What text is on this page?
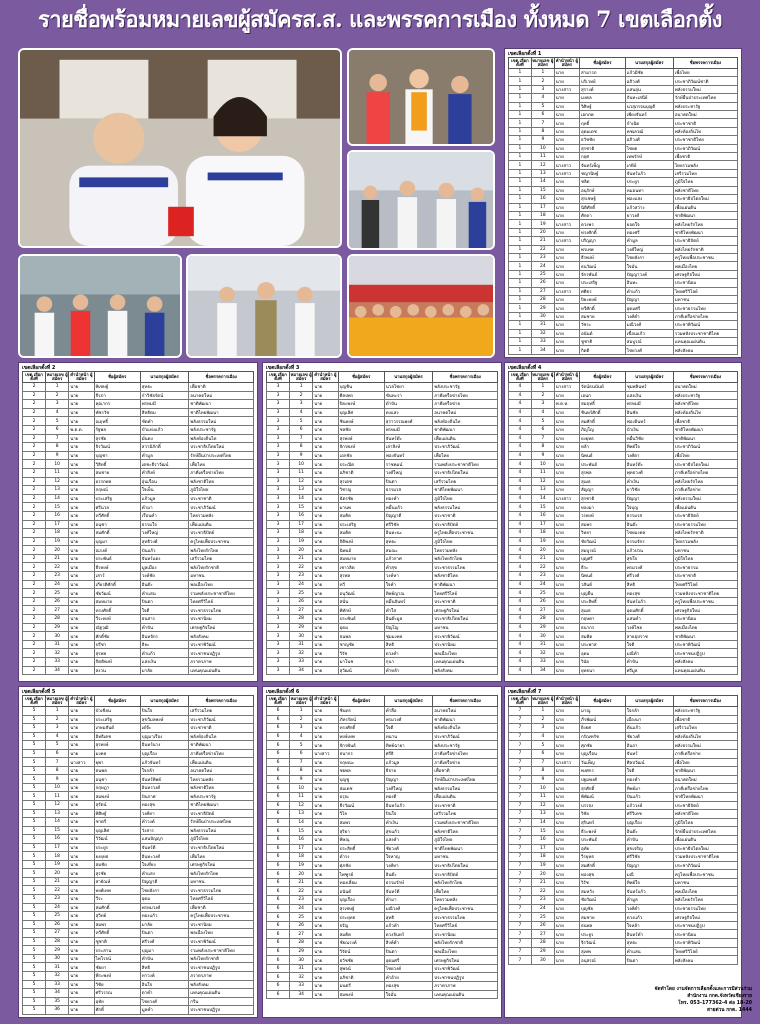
รายชื่อพร้อมหมายเลขผู้สมัครส.ส. และพรรคการเมือง ทั้งหมด 7 เขตเลือกตั้ง
เขตเลือกตั้งที่ 1
เขต เลือกตั้งที่	หมายเลข ผู้สมัคร	คำนำหน้า ผู้สมัคร	ชื่อผู้สมัคร	นามสกุลผู้สมัคร	ชื่อพรรคการเมือง
1	1	นาย	สามารถ	แก้วมีชัย	เพื่อไทย
1	2	นาย	บริเวทย์	อภิวงศ์	ประชาภิวัฒน์ชาติ
1	3	นางสาว	สุรางค์	แสนอุ่น	พลังธรรมใหม่
1	4	นาย	มงคล	กันทะเสนีย์	รักษ์ผืนป่าประเทศไทย
1	5	นาย	วิศิษฐ์	นวสุภรจนบุญดี	พลังประชารัฐ
1	6	นาย	เอกภพ	เพียงจันทร์	อนาคตใหม่
1	7	นาย	ฤทธิ์	กำเนิด	ประชาชาติ
1	8	นาย	อุดมเดช	คชเลวฒ์	พลังท้องถิ่นไท
1	9	นาย	ธวัชชัย	อภิวงศ์	ประชาชาติไทย
1	10	นาย	สุรชาติ	ไชยด	ประชาภิวัฒน์
1	11	นาย	กฤศ	เทพรักษ์	เพื่อชาติ
1	12	นางสาว	จันทร์เพ็ญ	เกษีย์	ไทยรวมพลัง
1	13	นางสาว	ชญานิษฐ์	จันทร์แก้ว	เสรีรวมไทย
1	14	นาย	ชลิต	ประยูร	ภูมิใจไทย
1	15	นาย	อนุรักษ์	หมอนทา	พลังชาติไทย
1	16	นาย	สุรเชษฐ์	ฟองแสง	ประชาธิปไตยใหม่
1	17	นาย	นิติศักดิ์	แก้วสว่าง	เพื่อแผ่นดิน
1	18	นาย	ศักดา	ยาวงศ์	ชาติพัฒนา
1	19	นางสาว	ดวงพร	ยอดใจ	พลังไทยรักไทย
1	20	นาย	ทรงศักดิ์	ทองศรี	ชาติไทยพัฒนา
1	21	นางสาว	ปริญญา	คำมูล	ประชาธิปัตย์
1	22	นาย	พรเทพ	วงศ์ใหญ่	พลังไทยรักชาติ
1	23	นาย	ธีรพงษ์	ไชยลังกา	ครูไทยเพื่อประชาชน
1	24	นาย	ธนวัฒน์	ใจมั่น	พลเมืองไทย
1	25	นาย	จักรพันธ์	ปัญญาวงค์	เศรษฐกิจใหม่
1	26	นาย	ประเสริฐ	อินทะ	ประชานิยม
1	27	นางสาว	ศศิธร	คำแก้ว	ไทยศรีวิไลย์
1	28	นาย	ปิยะพงษ์	ปัญญา	มหาชน
1	29	นาย	ทวีศักดิ์	อุดมศรี	ประชาธรรมไทย
1	30	นาย	สมชาย	วงศ์คำ	ภาคีเครือข่ายไทย
1	31	นาย	วัชระ	มณีวงศ์	ประชาพิวัฒน์
1	32	นาย	อนันต์	เขื่อนแก้ว	รวมพลังประชาชาติไทย
1	33	นาย	ชูชาติ	สมบูรณ์	แทนคุณแผ่นดิน
1	34	นาย	กิตติ	ไชยวงศ์	พลังสังคม
เขตเลือกตั้งที่ 2
เขต เลือกตั้งที่	หมายเลข ผู้สมัคร	คำนำหน้า ผู้สมัคร	ชื่อผู้สมัคร	นามสกุลผู้สมัคร	ชื่อพรรคการเมือง
2	1	นาย	พิเชษฐ์	สุทธะ	เพื่อชาติ
2	2	นาย	จีรภา	ก๋าวิชัยรัตน์	อนาคตใหม่
2	3	นาย	คุณากร	พรหมมี	ชาติพัฒนา
2	4	นาย	พัชรวัช	สิทธิตม	ชาติไทยพัฒนา
2	5	นาย	ณฤทธิ์	ขัดคำ	พลังธรรมใหม่
2	6	พ.ต.ต.	รัฐพล	บัวแห่งแก้ว	พลังประชารัฐ
2	7	นาย	สุรชัย	มั่นคง	พลังท้องถิ่นไท
2	8	นาย	จิรวัฒน์	สวามิภักดิ์	ประชาธิปไตยใหม่
2	9	นาย	บุญชา	คำมูล	รักษ์ผืนป่าประเทศไทย
2	10	นาย	วิสิทธิ์	เตชะธีราวัฒน์	เพื่อไทย
2	11	นาย	สมชาย	คำสิงห์	ภาคีเครือข่ายไทย
2	12	นาย	อรรถพล	อุ่นเรือน	พลังชาติไทย
2	13	นาย	กฤษณ์	ใจเย็น	ภูมิใจไทย
2	14	นาย	ประเสริฐ	แก้วมูล	ประชาชาติ
2	15	นาย	ศรีนวล	คำมา	ประชาภิวัฒน์
2	16	นาย	ทวีศักดิ์	เรือนคำ	ไทยรวมพลัง
2	17	นาย	อนุชา	ธรรมใจ	เพื่อแผ่นดิน
2	18	นาย	สมศักดิ์	วงศ์ใหญ่	ประชาธิปัตย์
2	19	นาย	บุญมา	สุทธิวงศ์	ครูไทยเพื่อประชาชน
2	20	นาย	ณรงค์	ปันแก้ว	พลังไทยรักไทย
2	21	นาย	ประพันธ์	จันทร์แดง	เสรีรวมไทย
2	22	นาย	ธีรพงษ์	มูลเมือง	พลังไทยรักชาติ
2	23	นาย	เสาร์	วงค์ชัย	มหาชน
2	24	นาย	เกียรติศักดิ์	อินต๊ะ	พลเมืองไทย
2	25	นาย	ชัยวัฒน์	คำแสน	รวมพลังประชาชาติไทย
2	26	นาย	สมหมาย	ปินตา	ไทยศรีวิไลย์
2	27	นาย	ทรงศักดิ์	ใจดี	ประชาธรรมไทย
2	28	นาย	วีระพงษ์	ธนสาร	ประชานิยม
2	29	นาย	ณัฐวุฒิ	คำปัน	เศรษฐกิจใหม่
2	30	นาย	ศักดิ์ชัย	อินทจักร	พลังสังคม
2	31	นาย	ปรีชา	ธิยะ	ประชาพิวัฒน์
2	32	นาย	สุรพล	คำแก้ว	ประชาชนปฏิรูป
2	33	นาย	กิตติพงษ์	แสงเงิน	ภราดรภาพ
2	34	นาย	สงวน	มาลัย	แทนคุณแผ่นดิน
เขตเลือกตั้งที่ 3
เขต เลือกตั้งที่	หมายเลข ผู้สมัคร	คำนำหน้า ผู้สมัคร	ชื่อผู้สมัคร	นามสกุลผู้สมัคร	ชื่อพรรคการเมือง
3	1	นาย	บุญชิน	นวลไชยา	พลังประชารัฐ
3	2	นาย	ศิลปพร	ขันทะรา	ภาคีเครือข่ายไทย
3	3	นาย	ปิยะพงษ์	ตำปัน	ภาคีเครือข่าย
3	4	นาย	บุญเลิศ	คงแสง	อนาคตใหม่
3	5	นาย	ชินพงษ์	สุราวรรณพงศ์	พลังท้องถิ่นไท
3	6	นาย	ชลชัย	พรหมมี	ชาติพัฒนา
3	7	นาย	สุรพงษ์	จันทร์ต๊ะ	เพื่อแผ่นดิน
3	8	นาย	จักรพงษ์	เล่าสิงห์	ประชาภิวัฒน์
3	9	นาย	เอกชัย	ฟองจันทร์	เพื่อไทย
3	10	นาย	ประณีต	ราชคมน์	รวมพลังประชาชาติไทย
3	11	นาย	อภิชาติ	วงศ์ใหญ่	ประชาธิปไตยใหม่
3	12	นาย	สุรเดช	ปินตา	เสรีรวมไทย
3	13	นาย	วิชาญ	ธรรมรส	ชาติไทยพัฒนา
3	14	นาย	ฉัตรชัย	ทองคำ	ภูมิใจไทย
3	15	นาย	มานพ	หมื่นแก้ว	พลังธรรมใหม่
3	16	นาย	สมคิด	ปัญญาดี	ประชาชาติ
3	17	นาย	ประเสริฐ	ศรีวิชัย	ประชาธิปัตย์
3	18	นาย	สมคิด	อินทะนะ	ครูไทยเพื่อประชาชน
3	19	นาย	กิติพงษ์	สุทธะ	ภูมิใจไทย
3	20	นาย	นิพนธ์	สมณะ	ไทยรวมพลัง
3	21	นาย	สมหมาย	แก้วกาศ	พลังไทยรักไทย
3	22	นาย	เชาวลิต	คำสุข	ประชาธรรมไทย
3	23	นาย	สุรพล	วงค์ทา	พลังชาติไทย
3	24	นาย	ทวี	ใจคำ	ชาติพัฒนา
3	25	นาย	อนุวัฒน์	ทิพย์ญาณ	ไทยศรีวิไลย์
3	26	นาย	สนั่น	หมื่นจันทร์	ประชาชาติ
3	27	นาย	พิทักษ์	คำใส	เศรษฐกิจใหม่
3	28	นาย	ประพันธ์	อินต๊ะมูล	ประชาธิปไตยใหม่
3	29	นาย	อุดม	ปัญโญ	มหาชน
3	30	นาย	ธนพล	ชุ่มมงคล	ประชาพิวัฒน์
3	31	นาย	ชาญชัย	สิทธิ	ประชานิยม
3	32	นาย	วิรัช	ดวงคำ	พลเมืองไทย
3	33	นาย	มาโนช	กุนา	แทนคุณแผ่นดิน
3	34	นาย	สุวัฒน์	คำหล้า	พลังสังคม
เขตเลือกตั้งที่ 4
เขต เลือกตั้งที่	หมายเลข ผู้สมัคร	คำนำหน้า ผู้สมัคร	ชื่อผู้สมัคร	นามสกุลผู้สมัคร	ชื่อพรรคการเมือง
4	1	นางสาว	รัตน์ธนนันท์	ชุมพลินทร์	อนาคตใหม่
4	2	นาย	เอนก	แสงเงิน	พลังประชารัฐ
4	3	พ.ต.ท.	สมฤทธิ์	พรหมมี	พลังชาติไทย
4	4	นาย	ชินทร์ศักดิ์	อินชัย	พลังท้องถิ่นไท
4	5	นาย	สมศักดิ์	ฟองอินทร์	เพื่อชาติ
4	6	นาย	ภิญโญ	บัวเงิน	ชาติไทยพัฒนา
4	7	นาย	ยงยุทธ	หมื่นวิชัย	ชาติพัฒนา
4	8	นาย	หล้า	ทิพย์ใจ	ประชาภิวัฒน์
4	9	นาย	นิพนธ์	วงศ์ตา	เพื่อไทย
4	10	นาย	ประพันธ์	อินทร์ต๊ะ	ประชาธิปไตยใหม่
4	11	นาย	สุรพล	พุทธวงศ์	ภาคีเครือข่ายไทย
4	12	นาย	สุเมธ	คำเงิน	พลังไทยรักไทย
4	13	นาย	สัญญา	ยาวิชัย	ภาคีเครือข่าย
4	14	นางสาว	สุรชาติ	ปัญญา	พลังธรรมใหม่
4	15	นาย	ทองมา	ใจบุญ	เพื่อแผ่นดิน
4	16	นาย	วรพงษ์	ธรรมรส	ประชาธิปัตย์
4	17	นาย	สมพร	อินต๊ะ	ประชาธรรมไทย
4	18	นาย	วิทยา	ไชยมงคล	พลังไทยรักชาติ
4	19	นาย	ชัยวัฒน์	ธรรมจักร	ไทยรวมพลัง
4	20	นาย	สมบูรณ์	แก้วปวน	มหาชน
4	21	นาย	บุญศรี	สุขใจ	ภูมิใจไทย
4	22	นาย	ธีระ	พรมวงศ์	ประชาธรรม
4	23	นาย	นิพนธ์	ศรีวงศ์	ประชาชาติ
4	24	นาย	วสันต์	สิทธิ	ไทยศรีวิไลย์
4	25	นาย	บุญยืน	ทองสุข	รวมพลังประชาชาติไทย
4	26	นาย	ประสิทธิ์	จันทร์แก้ว	ครูไทยเพื่อประชาชน
4	27	นาย	สุเมธ	อุดมศักดิ์	เศรษฐกิจใหม่
4	28	นาย	กฤษดา	แสนคำ	ประชานิยม
4	29	นาย	ธนากร	วงค์ไชย	พลเมืองไทย
4	30	นาย	สมคิด	สายอุปราช	ชาติพัฒนา
4	31	นาย	ประพาส	ใจดี	ประชาพิวัฒน์
4	32	นาย	อุดม	มณีคำ	ประชาชนปฏิรูป
4	33	นาย	วินัย	คำปัน	พลังสังคม
4	34	นาย	ยุทธนา	ศรีมูล	แทนคุณแผ่นดิน
เขตเลือกตั้งที่ 5
เขต เลือกตั้งที่	หมายเลข ผู้สมัคร	คำนำหน้า ผู้สมัคร	ชื่อผู้สมัคร	นามสกุลผู้สมัคร	ชื่อพรรคการเมือง
5	1	นาย	บัวเขียน	ปินใจ	เสรีรวมไทย
5	2	นาย	ประเสริฐ	สุขวิมลพงษ์	ประชาภิวัฒน์
5	3	นาย	เกษมสันต์	เต๋จ๊ะ	ประชาชาติ
5	4	นาย	อิทธิเดช	บุญมาเรือง	พลังท้องถิ่นไท
5	5	นาย	สุรพงษ์	อินทร์นาง	ชาติพัฒนา
5	6	นาย	มงคล	บุญเรือง	ภาคีเครือข่ายไทย
5	7	นางสาว	ยุพา	แก้วจันทร์	เพื่อแผ่นดิน
5	8	นาย	ธนพล	ใจกล้า	อนาคตใหม่
5	9	นาย	อนุชา	จันทร์ทิพย์	ไทยรวมพลัง
5	10	นาย	กฤษฎา	อินทรวงศ์	พลังชาติไทย
5	11	นาย	สมพงษ์	ปันกาศ	พลังประชารัฐ
5	12	นาย	สุรัตน์	ทองสุข	ชาติไทยพัฒนา
5	13	นาย	พิสิษฐ์	วงศ์ทา	ประชาธิปัตย์
5	14	นาย	ชาตรี	คำวงค์	รักษ์ผืนป่าประเทศไทย
5	15	นาย	บุญเลิศ	วังสาร	พลังธรรมใหม่
5	16	นาย	วิวัฒน์	แสนปัญญา	ภูมิใจไทย
5	17	นาย	ประยูร	จันทร์ดี	ประชาธิปไตยใหม่
5	18	นาย	ยงยุทธ	อินทะวงศ์	เพื่อไทย
5	19	นาย	สมชัย	ใจเที่ยง	เศรษฐกิจใหม่
5	20	นาย	สุรชัย	คำแสง	พลังไทยรักไทย
5	21	นาย	สายัณห์	ปัญญาดี	มหาชน
5	22	นาย	พงศ์เทพ	ไชยลังกา	ประชาธรรมไทย
5	23	นาย	วีระ	อุดม	ไทยศรีวิไลย์
5	24	นาย	สมศักดิ์	พรหมวงศ์	เพื่อชาติ
5	25	นาย	สุวิทย์	ทองแก้ว	ครูไทยเพื่อประชาชน
5	26	นาย	สมพร	มาลัย	ประชานิยม
5	27	นาย	ทวีศักดิ์	ปินตา	พลเมืองไทย
5	28	นาย	ชูชาติ	ศรีวงศ์	ประชาพิวัฒน์
5	29	นาย	ประสาน	บุญมา	รวมพลังประชาชาติไทย
5	30	นาย	ไพโรจน์	คำปัน	พลังไทยรักชาติ
5	31	นาย	ชัยยา	สิทธิ	ประชาชนปฏิรูป
5	32	นาย	พีระพงษ์	ทาวงค์	ภราดรภาพ
5	33	นาย	วิชัย	อินใจ	พลังสังคม
5	34	นาย	ศรีวรรณ	ตาคำ	แทนคุณแผ่นดิน
5	35	นาย	อุทัย	ไชยวงศ์	กรีน
5	36	นาย	ศักดิ์	มูลคำ	ประชาชนปฏิรูป
เขตเลือกตั้งที่ 6
เขต เลือกตั้งที่	หมายเลข ผู้สมัคร	คำนำหน้า ผู้สมัคร	ชื่อผู้สมัคร	นามสกุลผู้สมัคร	ชื่อพรรคการเมือง
6	1	นาย	ชินทร	คำลือ	อนาคตใหม่
6	2	นาย	ภัทรรัตน์	พรมวงศ์	ชาติพัฒนา
6	3	นาย	ทรงศักดิ์	ใจดี	พลังท้องถิ่นไท
6	4	นาย	พงษ์เทพ	ทนาน	ประชาภิวัฒน์
6	5	นาย	จักรพันธ์	ทิพย์ฉายา	พลังประชารัฐ
6	6	นางสาว	ธนากร	ศรีธิ	ภาคีเครือข่ายไทย
6	7	นาย	กฤษณะ	แก้วมูล	ภาคีเครือข่าย
6	8	นาย	ชยพล	ธิจาย	เพื่อชาติ
6	9	นาย	บุญชู	ปัญญา	รักษ์ผืนป่าประเทศไทย
6	10	นาย	สมเดช	วงศ์ใหญ่	พลังธรรมใหม่
6	11	นาย	อรุณ	ทองดี	เพื่อแผ่นดิน
6	12	นาย	ธีรวัฒน์	อินทร์แก้ว	ประชาชาติ
6	13	นาย	วิไล	ปินใจ	เสรีรวมไทย
6	14	นาย	สมพร	คำเงิน	รวมพลังประชาชาติไทย
6	15	นาย	สุริยา	สุขแก้ว	พลังชาติไทย
6	16	นาย	พิษณุ	แสงคำ	ภูมิใจไทย
6	17	นาย	ประสิทธิ์	ชัยวงศ์	ชาติไทยพัฒนา
6	18	นาย	ดำรง	ใจหาญ	มหาชน
6	19	นาย	ศุภชัย	วงศ์ทา	ประชาธิปไตยใหม่
6	20	นาย	ไพฑูรย์	อินต๊ะ	ประชาธิปัตย์
6	21	นาย	ทองเลี่ยม	ธรรมรักษ์	พลังไทยรักไทย
6	22	นาย	อนันต์	จันทร์ดี	เพื่อไทย
6	23	นาย	บุญเรือง	คำมา	ไทยรวมพลัง
6	24	นาย	สุรเชษฐ์	มณีวงศ์	ครูไทยเพื่อประชาชน
6	25	นาย	ประยุทธ	สุทธิ	ประชาธรรมไทย
6	26	นาย	จรัญ	แก้วคำ	ไทยศรีวิไลย์
6	27	นาย	สมคิด	ดวงจันทร์	ประชานิยม
6	28	นาย	ชัยณรงค์	สิงห์คำ	พลังไทยรักชาติ
6	29	นาย	วิรัตน์	ปินตา	พลเมืองไทย
6	30	นาย	ธวัชชัย	อุดมศรี	เศรษฐกิจใหม่
6	31	นาย	สุพจน์	ไชยวงค์	ประชาพิวัฒน์
6	32	นาย	อภิชาติ	คำอ้าย	ประชาชนปฏิรูป
6	33	นาย	มนตรี	ทองสุข	ภราดรภาพ
6	34	นาย	สมพงษ์	ใจมั่น	แทนคุณแผ่นดิน
เขตเลือกตั้งที่ 7
เขต เลือกตั้งที่	หมายเลข ผู้สมัคร	คำนำหน้า ผู้สมัคร	ชื่อผู้สมัคร	นามสกุลผู้สมัคร	ชื่อพรรคการเมือง
7	1	นาย	มาณู	ใจกล้า	พลังประชารัฐ
7	2	นาย	ภีรพัฒน์	เมืองมา	เพื่อชาติ
7	3	นาย	ยิ่งยศ	ต้นแก้ว	เสรีรวมไทย
7	4	นาย	กรัณฑรัช	ชัยวงศ์	พลังท้องถิ่นไท
7	5	นาย	ศุภชัย	อินถา	พลังธรรมใหม่
7	6	นาย	บุญเรือน	จันทร์	ภาคีเครือข่าย
7	7	นางสาว	วันเพ็ญ	ศิลปวัฒน์	เพื่อไทย
7	8	นาย	พงศกร	ใจดี	ชาติพัฒนา
7	9	นาย	ปฐมพงศ์	ทองคำ	อนาคตใหม่
7	10	นาย	สุรศักดิ์	ทิพย์มา	ภาคีเครือข่ายไทย
7	11	นาย	พิพัฒน์	ปันแก้ว	ชาติไทยพัฒนา
7	12	นาย	บรรจง	แก้ววงค์	ประชาธิปัตย์
7	13	นาย	วิชัย	ศรีวิเดช	พลังชาติไทย
7	14	นาย	สุรินทร์	บุญเรือง	ภูมิใจไทย
7	15	นาย	ธีระพงษ์	อินต๊ะ	รักษ์ผืนป่าประเทศไทย
7	16	นาย	ประพันธ์	คำปัน	เพื่อแผ่นดิน
7	17	นาย	อุทัย	สุขเจริญ	ประชาธิปไตยใหม่
7	18	นาย	วีรยุทธ	ศรีวิชัย	รวมพลังประชาชาติไทย
7	19	นาย	สมศักดิ์	ปัญญา	ประชาภิวัฒน์
7	20	นาย	ทองสุข	มณี	ครูไทยเพื่อประชาชน
7	21	นาย	วิรัช	ทิพย์ใจ	มหาชน
7	22	นาย	สมหวัง	จันทร์แก้ว	พลเมืองไทย
7	23	นาย	ชัยวัฒน์	คำมูล	พลังไทยรักไทย
7	24	นาย	บุญชัย	วงศ์คำ	ประชาธรรมไทย
7	25	นาย	สมชาย	ดวงแก้ว	เศรษฐกิจใหม่
7	26	นาย	ธนพล	ใจหล้า	ประชาชนปฏิรูป
7	27	นาย	ประยูร	อินทร์คำ	ประชานิยม
7	28	นาย	จิรวัฒน์	สุทธะ	ประชาพิวัฒน์
7	29	นาย	สุเทพ	คำแสน	ไทยศรีวิไลย์
7	30	นาย	อนุสรณ์	ปินตา	พลังสังคม
จัดทำโดย งานจัดการเลือกตั้งและการมีส่วนร่วม
สำนักงาน กกต.จังหวัดเชียงราย
โทร. 053-177362-4 ต่อ 18-20
สายด่วน กกต. 1444
